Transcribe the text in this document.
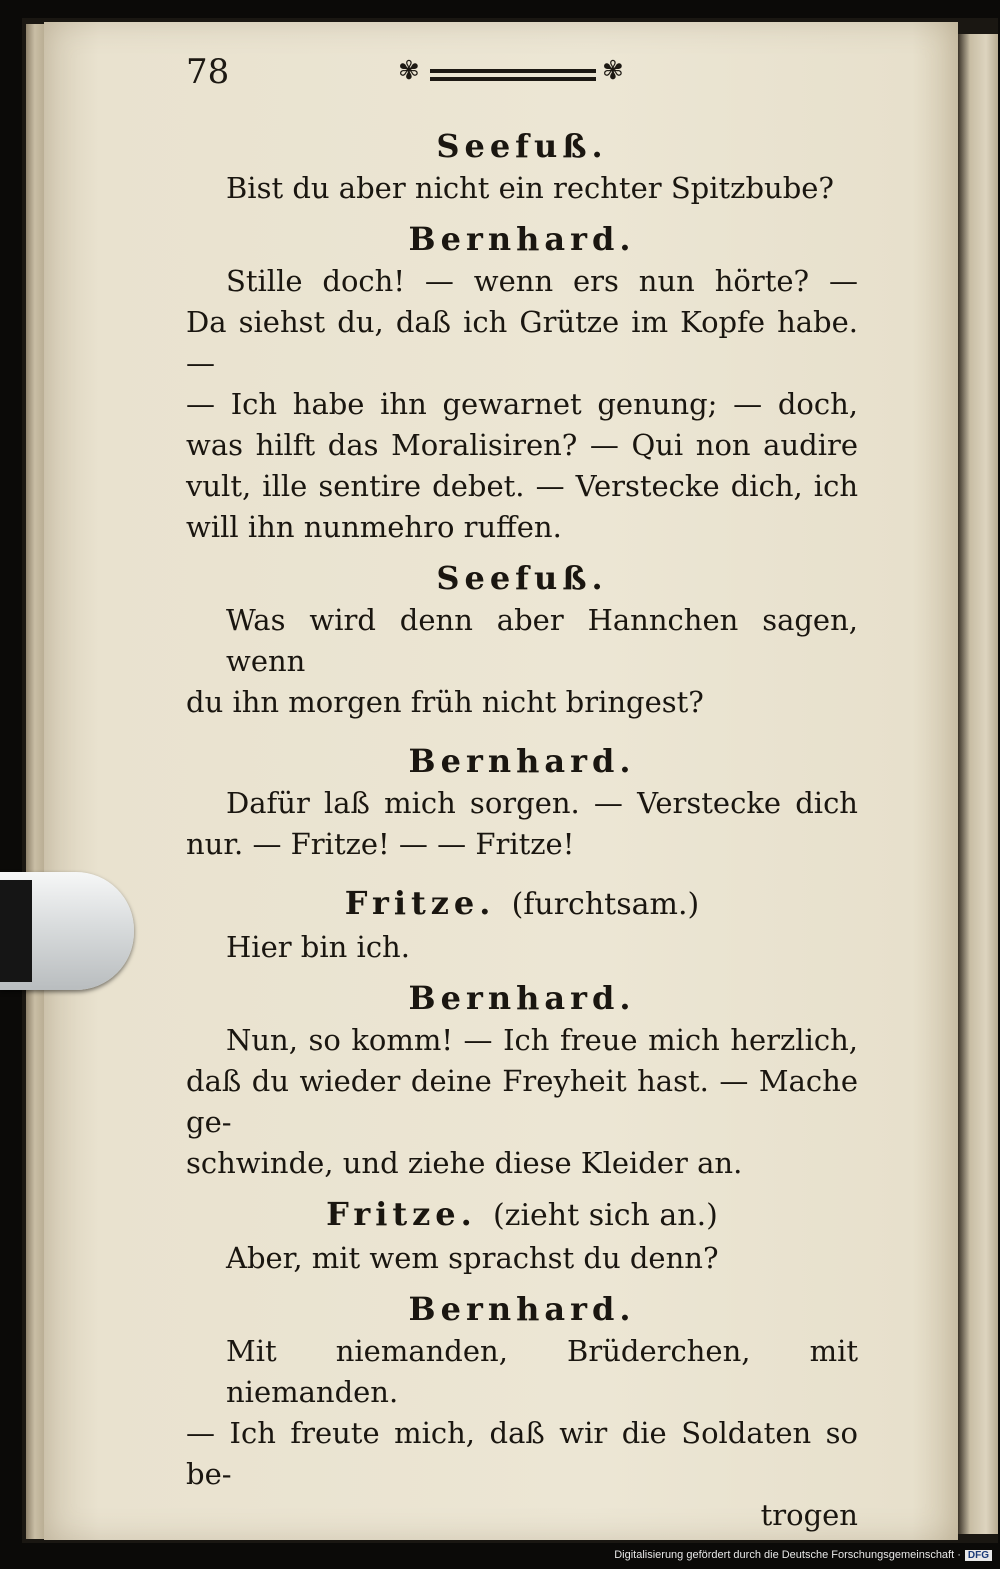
78	✾	✾

Seefuß.

Bist du aber nicht ein rechter Spitzbube?

Bernhard.

Stille doch! — wenn ers nun hörte? —

Da siehst du, daß ich Grütze im Kopfe habe. —

— Ich habe ihn gewarnet genung; — doch,

was hilft das Moralisiren? — Qui non audire

vult, ille sentire debet. — Verstecke dich, ich

will ihn nunmehro ruffen.

Seefuß.

Was wird denn aber Hannchen sagen, wenn

du ihn morgen früh nicht bringest?

Bernhard.

Dafür laß mich sorgen. — Verstecke dich

nur. — Fritze! — — Fritze!

Fritze. (furchtsam.)

Hier bin ich.

Bernhard.

Nun, so komm! — Ich freue mich herzlich,

daß du wieder deine Freyheit hast. — Mache ge-

schwinde, und ziehe diese Kleider an.

Fritze. (zieht sich an.)

Aber, mit wem sprachst du denn?

Bernhard.

Mit niemanden, Brüderchen, mit niemanden.

— Ich freute mich, daß wir die Soldaten so be-

trogen

Digitalisierung gefördert durch die Deutsche Forschungsgemeinschaft · DFG
